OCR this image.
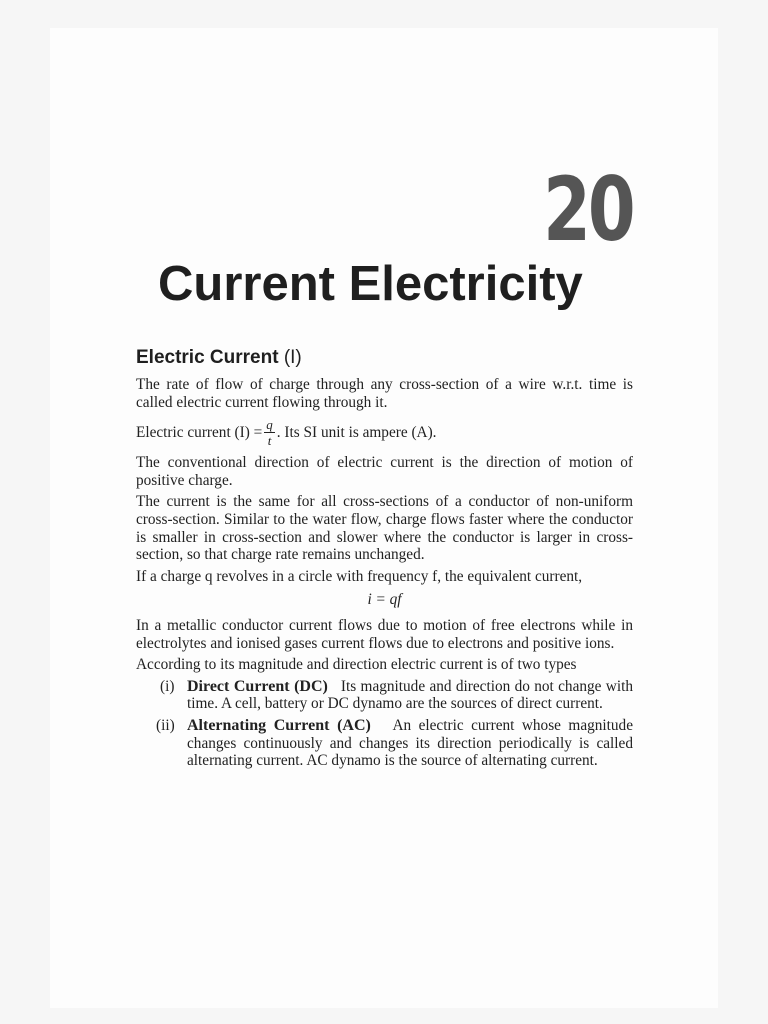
20
Current Electricity
Electric Current (I)

The rate of flow of charge through any cross-section of a wire w.r.t. time is called electric current flowing through it.

Electric current $(I) = \frac{q}{t}$ . Its SI unit is ampere (A).

The conventional direction of electric current is the direction of motion of positive charge.

The current is the same for all cross-sections of a conductor of non-uniform cross-section. Similar to the water flow, charge flows faster where the conductor is smaller in cross-section and slower where the conductor is larger in cross-section, so that charge rate remains unchanged.

If a charge q revolves in a circle with frequency f, the equivalent current,

i = qf

In a metallic conductor current flows due to motion of free electrons while in electrolytes and ionised gases current flows due to electrons and positive ions.

According to its magnitude and direction electric current is of two types

(i) Direct Current (DC) Its magnitude and direction do not change with time. A cell, battery or DC dynamo are the sources of direct current.

(ii) Alternating Current (AC) An electric current whose magnitude changes continuously and changes its direction periodically is called alternating current. AC dynamo is the source of alternating current.
